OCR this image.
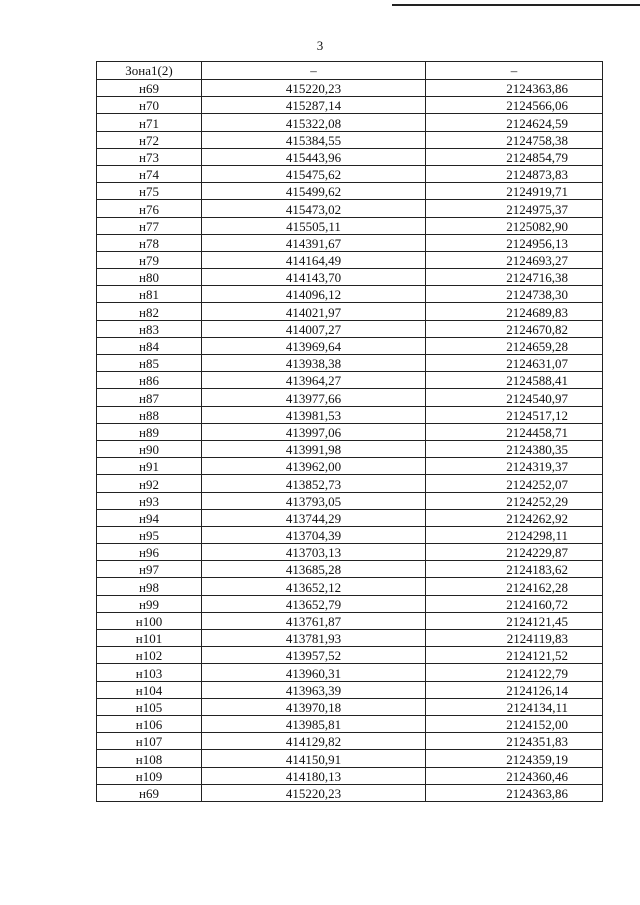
3
Зона1(2)	–	–
н69	415220,23	2124363,86
н70	415287,14	2124566,06
н71	415322,08	2124624,59
н72	415384,55	2124758,38
н73	415443,96	2124854,79
н74	415475,62	2124873,83
н75	415499,62	2124919,71
н76	415473,02	2124975,37
н77	415505,11	2125082,90
н78	414391,67	2124956,13
н79	414164,49	2124693,27
н80	414143,70	2124716,38
н81	414096,12	2124738,30
н82	414021,97	2124689,83
н83	414007,27	2124670,82
н84	413969,64	2124659,28
н85	413938,38	2124631,07
н86	413964,27	2124588,41
н87	413977,66	2124540,97
н88	413981,53	2124517,12
н89	413997,06	2124458,71
н90	413991,98	2124380,35
н91	413962,00	2124319,37
н92	413852,73	2124252,07
н93	413793,05	2124252,29
н94	413744,29	2124262,92
н95	413704,39	2124298,11
н96	413703,13	2124229,87
н97	413685,28	2124183,62
н98	413652,12	2124162,28
н99	413652,79	2124160,72
н100	413761,87	2124121,45
н101	413781,93	2124119,83
н102	413957,52	2124121,52
н103	413960,31	2124122,79
н104	413963,39	2124126,14
н105	413970,18	2124134,11
н106	413985,81	2124152,00
н107	414129,82	2124351,83
н108	414150,91	2124359,19
н109	414180,13	2124360,46
н69	415220,23	2124363,86
